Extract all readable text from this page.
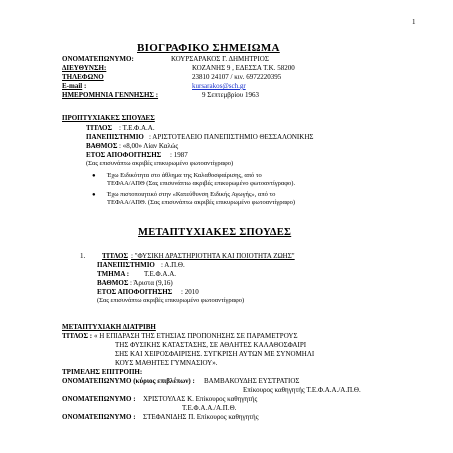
1
ΒΙΟΓΡΑΦΙΚΟ ΣΗΜΕΙΩΜΑ
ΟΝΟΜΑΤΕΠΩΝΥΜΟ:	ΚΟΥΡΣΑΡΑΚΟΣ Γ. ΔΗΜΗΤΡΙΟΣ
ΔΙΕΥΘΥΝΣΗ:	ΚΟΖΑΝΗΣ 9 , ΕΔΕΣΣΑ Τ.Κ. 58200
ΤΗΛΕΦΩΝΟ	23810 24107 / κιν. 6972220395
E-mail :	kursarakos@sch.gr
ΗΜΕΡΟΜΗΝΙΑ ΓΕΝΝΗΣΗΣ :	9 Σεπτεμβρίου 1963
ΠΡΟΠΤΥΧΙΑΚΕΣ ΣΠΟΥΔΕΣ
ΤΙΤΛΟΣ : Τ.Ε.Φ.Α.Α.
ΠΑΝΕΠΙΣΤΗΜΙΟ : ΑΡΙΣΤΟΤΕΛΕΙΟ ΠΑΝΕΠΙΣΤΗΜΙΟ ΘΕΣΣΑΛΟΝΙΚΗΣ
ΒΑΘΜΟΣ : «8,00» Λίαν Καλώς
ΕΤΟΣ ΑΠΟΦΟΙΤΗΣΗΣ : 1987
(Σας επισυνάπτω ακριβές επικυρωμένο φωτοαντίγραφο)
● Έχω Ειδικότητα στο άθλημα της Καλαθοσφαίρισης, από το
ΤΕΦΑΑ/ΑΠΘ (Σας επισυνάπτω ακριβές επικυρωμένο φωτοαντίγραφο).
● Έχω πιστοποιητικό στην «Κατεύθυνση Ειδικής Αγωγής», από το
ΤΕΦΑΑ/ΑΠΘ. (Σας επισυνάπτω ακριβές επικυρωμένο φωτοαντίγραφο)
ΜΕΤΑΠΤΥΧΙΑΚΕΣ ΣΠΟΥΔΕΣ
1. ΤΙΤΛΟΣ : "ΦΥΣΙΚΗ ΔΡΑΣΤΗΡΙΟΤΗΤΑ ΚΑΙ ΠΟΙΟΤΗΤΑ ΖΩΗΣ"
ΠΑΝΕΠΙΣΤΗΜΙΟ : Α.Π.Θ.
ΤΜΗΜΑ : Τ.Ε.Φ.Α.Α.
ΒΑΘΜΟΣ : Άριστα (9,16)
ΕΤΟΣ ΑΠΟΦΟΙΤΗΣΗΣ : 2010
(Σας επισυνάπτω ακριβές επικυρωμένο φωτοαντίγραφο)
ΜΕΤΑΠΤΥΧΙΑΚΗ ΔΙΑΤΡΙΒΗ
ΤΙΤΛΟΣ : « Η ΕΠΙΔΡΑΣΗ ΤΗΣ ΕΤΗΣΙΑΣ ΠΡΟΠΟΝΗΣΗΣ ΣΕ ΠΑΡΑΜΕΤΡΟΥΣ
ΤΗΣ ΦΥΣΙΚΗΣ ΚΑΤΑΣΤΑΣΗΣ, ΣΕ ΑΘΛΗΤΕΣ ΚΑΛΑΘΟΣΦΑΙΡΙ
ΣΗΣ ΚΑΙ ΧΕΙΡΟΣΦΑΙΡΙΣΗΣ. ΣΥΓΚΡΙΣΗ ΑΥΤΩΝ ΜΕ ΣΥΝΟΜΗΛΙ
ΚΟΥΣ ΜΑΘΗΤΕΣ ΓΥΜΝΑΣΙΟΥ».
ΤΡΙΜΕΛΗΣ ΕΠΙΤΡΟΠΗ:
ΟΝΟΜΑΤΕΠΩΝΥΜΟ (κύριος επιβλέπων) : ΒΑΜΒΑΚΟΥΔΗΣ ΕΥΣΤΡΑΤΙΟΣ
Επίκουρος καθηγητής Τ.Ε.Φ.Α.Α./Α.Π.Θ.
ΟΝΟΜΑΤΕΠΩΝΥΜΟ : ΧΡΙΣΤΟΥΛΑΣ Κ. Επίκουρος καθηγητής
Τ.Ε.Φ.Α.Α./Α.Π.Θ.
ΟΝΟΜΑΤΕΠΩΝΥΜΟ : ΣΤΕΦΑΝΙΔΗΣ Π. Επίκουρος καθηγητής
